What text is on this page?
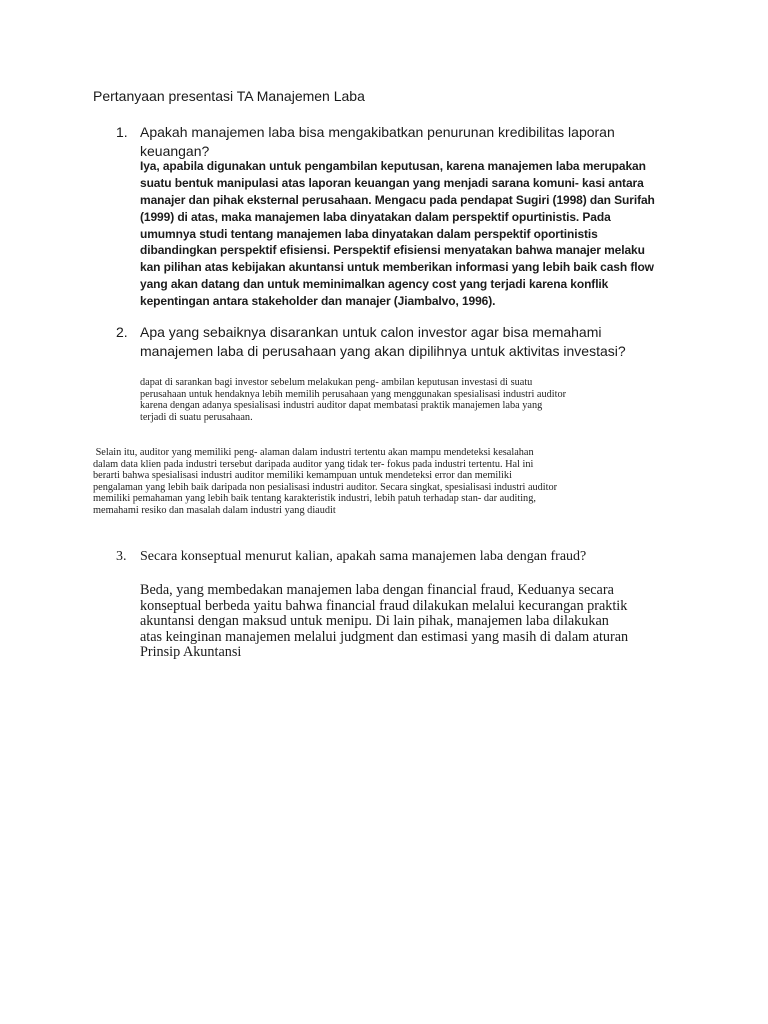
Pertanyaan presentasi TA Manajemen Laba
1. Apakah manajemen laba bisa mengakibatkan penurunan kredibilitas laporan
keuangan?
Iya, apabila digunakan untuk pengambilan keputusan, karena manajemen laba merupakan
suatu bentuk manipulasi atas laporan keuangan yang menjadi sarana komuni- kasi antara
manajer dan pihak eksternal perusahaan. Mengacu pada pendapat Sugiri (1998) dan Surifah
(1999) di atas, maka manajemen laba dinyatakan dalam perspektif opurtinistis. Pada
umumnya studi tentang manajemen laba dinyatakan dalam perspektif oportinistis
dibandingkan perspektif efisiensi. Perspektif efisiensi menyatakan bahwa manajer melaku
kan pilihan atas kebijakan akuntansi untuk memberikan informasi yang lebih baik cash flow
yang akan datang dan untuk meminimalkan agency cost yang terjadi karena konflik
kepentingan antara stakeholder dan manajer (Jiambalvo, 1996).
2. Apa yang sebaiknya disarankan untuk calon investor agar bisa memahami
manajemen laba di perusahaan yang akan dipilihnya untuk aktivitas investasi?
dapat di sarankan bagi investor sebelum melakukan peng- ambilan keputusan investasi di suatu
perusahaan untuk hendaknya lebih memilih perusahaan yang menggunakan spesialisasi industri auditor
karena dengan adanya spesialisasi industri auditor dapat membatasi praktik manajemen laba yang
terjadi di suatu perusahaan.
Selain itu, auditor yang memiliki peng- alaman dalam industri tertentu akan mampu mendeteksi kesalahan
dalam data klien pada industri tersebut daripada auditor yang tidak ter- fokus pada industri tertentu. Hal ini
berarti bahwa spesialisasi industri auditor memiliki kemampuan untuk mendeteksi error dan memiliki
pengalaman yang lebih baik daripada non pesialisasi industri auditor. Secara singkat, spesialisasi industri auditor
memiliki pemahaman yang lebih baik tentang karakteristik industri, lebih patuh terhadap stan- dar auditing,
memahami resiko dan masalah dalam industri yang diaudit
3. Secara konseptual menurut kalian, apakah sama manajemen laba dengan fraud?
Beda, yang membedakan manajemen laba dengan financial fraud, Keduanya secara
konseptual berbeda yaitu bahwa financial fraud dilakukan melalui kecurangan praktik
akuntansi dengan maksud untuk menipu. Di lain pihak, manajemen laba dilakukan
atas keinginan manajemen melalui judgment dan estimasi yang masih di dalam aturan
Prinsip Akuntansi
